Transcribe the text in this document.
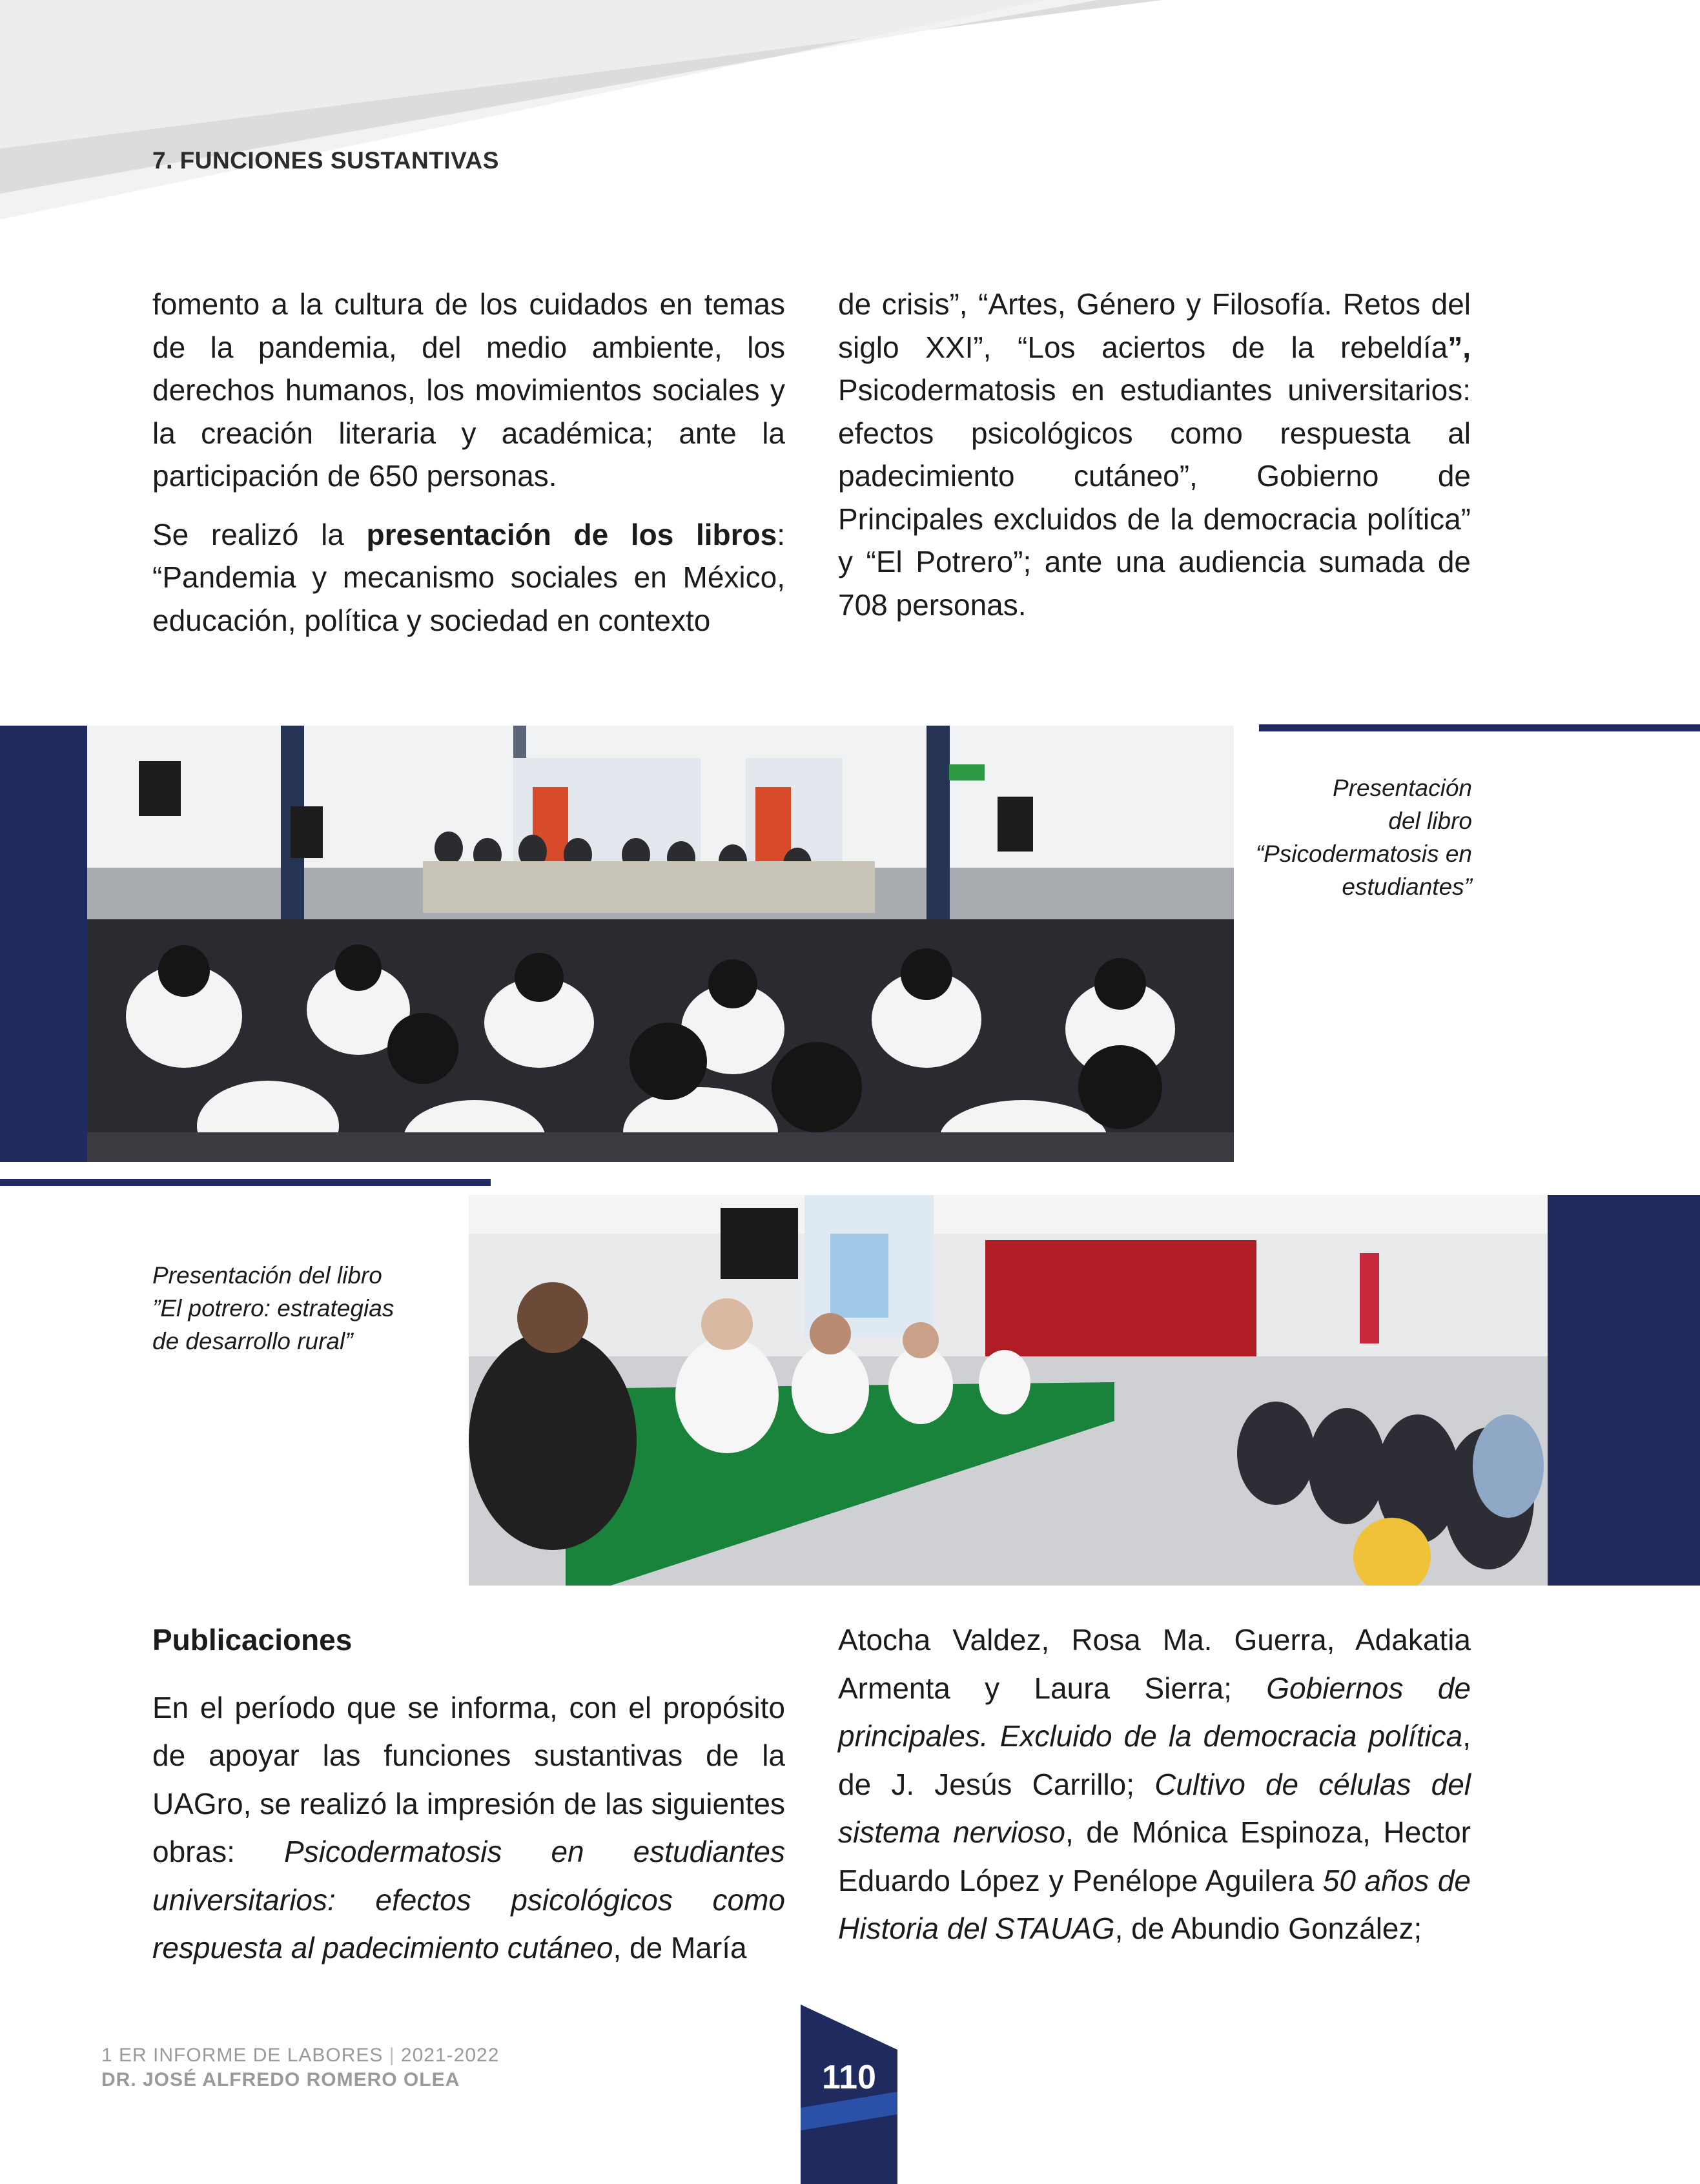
7. FUNCIONES SUSTANTIVAS

fomento a la cultura de los cuidados en temas de la pandemia, del medio ambiente, los derechos humanos, los movimientos sociales y la creación literaria y académica; ante la participación de 650 personas.

Se realizó la presentación de los libros: “Pandemia y mecanismo sociales en México, educación, política y sociedad en contexto

de crisis”, “Artes, Género y Filosofía. Retos del siglo XXI”, “Los aciertos de la rebeldía”, Psicodermatosis en estudiantes universitarios: efectos psicológicos como respuesta al padecimiento cutáneo”, Gobierno de Principales excluidos de la democracia política” y “El Potrero”; ante una audiencia sumada de 708 personas.

Presentación
del libro
“Psicodermatosis en
estudiantes”
Presentación del libro
”El potrero: estrategias
de desarrollo rural”

Publicaciones

En el período que se informa, con el propósito de apoyar las funciones sustantivas de la UAGro, se realizó la impresión de las siguientes obras: Psicodermatosis en estudiantes universitarios: efectos psicológicos como respuesta al padecimiento cutáneo, de María

Atocha Valdez, Rosa Ma. Guerra, Adakatia Armenta y Laura Sierra; Gobiernos de principales. Excluido de la democracia política, de J. Jesús Carrillo; Cultivo de células del sistema nervioso, de Mónica Espinoza, Hector Eduardo López y Penélope Aguilera 50 años de Historia del STAUAG, de Abundio González;

1 ER INFORME DE LABORES | 2021-2022
DR. JOSÉ ALFREDO ROMERO OLEA	110
